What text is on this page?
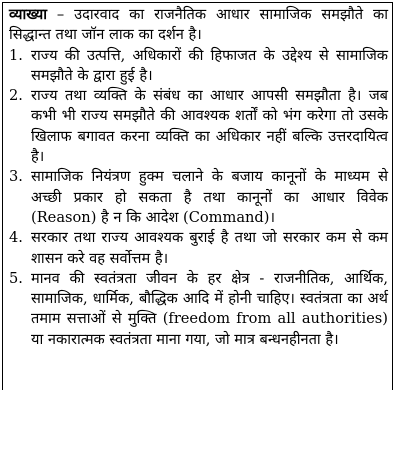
व्याख्या – उदारवाद का राजनैतिक आधार सामाजिक समझौते का सिद्धान्त तथा जॉन लाक का दर्शन है।

1. राज्य की उत्पत्ति, अधिकारों की हिफाजत के उद्देश्य से सामाजिक समझौते के द्वारा हुई है।
2. राज्य तथा व्यक्ति के संबंध का आधार आपसी समझौता है। जब कभी भी राज्य समझौते की आवश्यक शर्तों को भंग करेगा तो उसके खिलाफ बगावत करना व्यक्ति का अधिकार नहीं बल्कि उत्तरदायित्व है।
3. सामाजिक नियंत्रण हुक्म चलाने के बजाय कानूनों के माध्यम से अच्छी प्रकार हो सकता है तथा कानूनों का आधार विवेक (Reason) है न कि आदेश (Command)।
4. सरकार तथा राज्य आवश्यक बुराई है तथा जो सरकार कम से कम शासन करे वह सर्वोत्तम है।
5. मानव की स्वतंत्रता जीवन के हर क्षेत्र - राजनीतिक, आर्थिक, सामाजिक, धार्मिक, बौद्धिक आदि में होनी चाहिए। स्वतंत्रता का अर्थ तमाम सत्ताओं से मुक्ति (freedom from all authorities) या नकारात्मक स्वतंत्रता माना गया, जो मात्र बन्धनहीनता है।
